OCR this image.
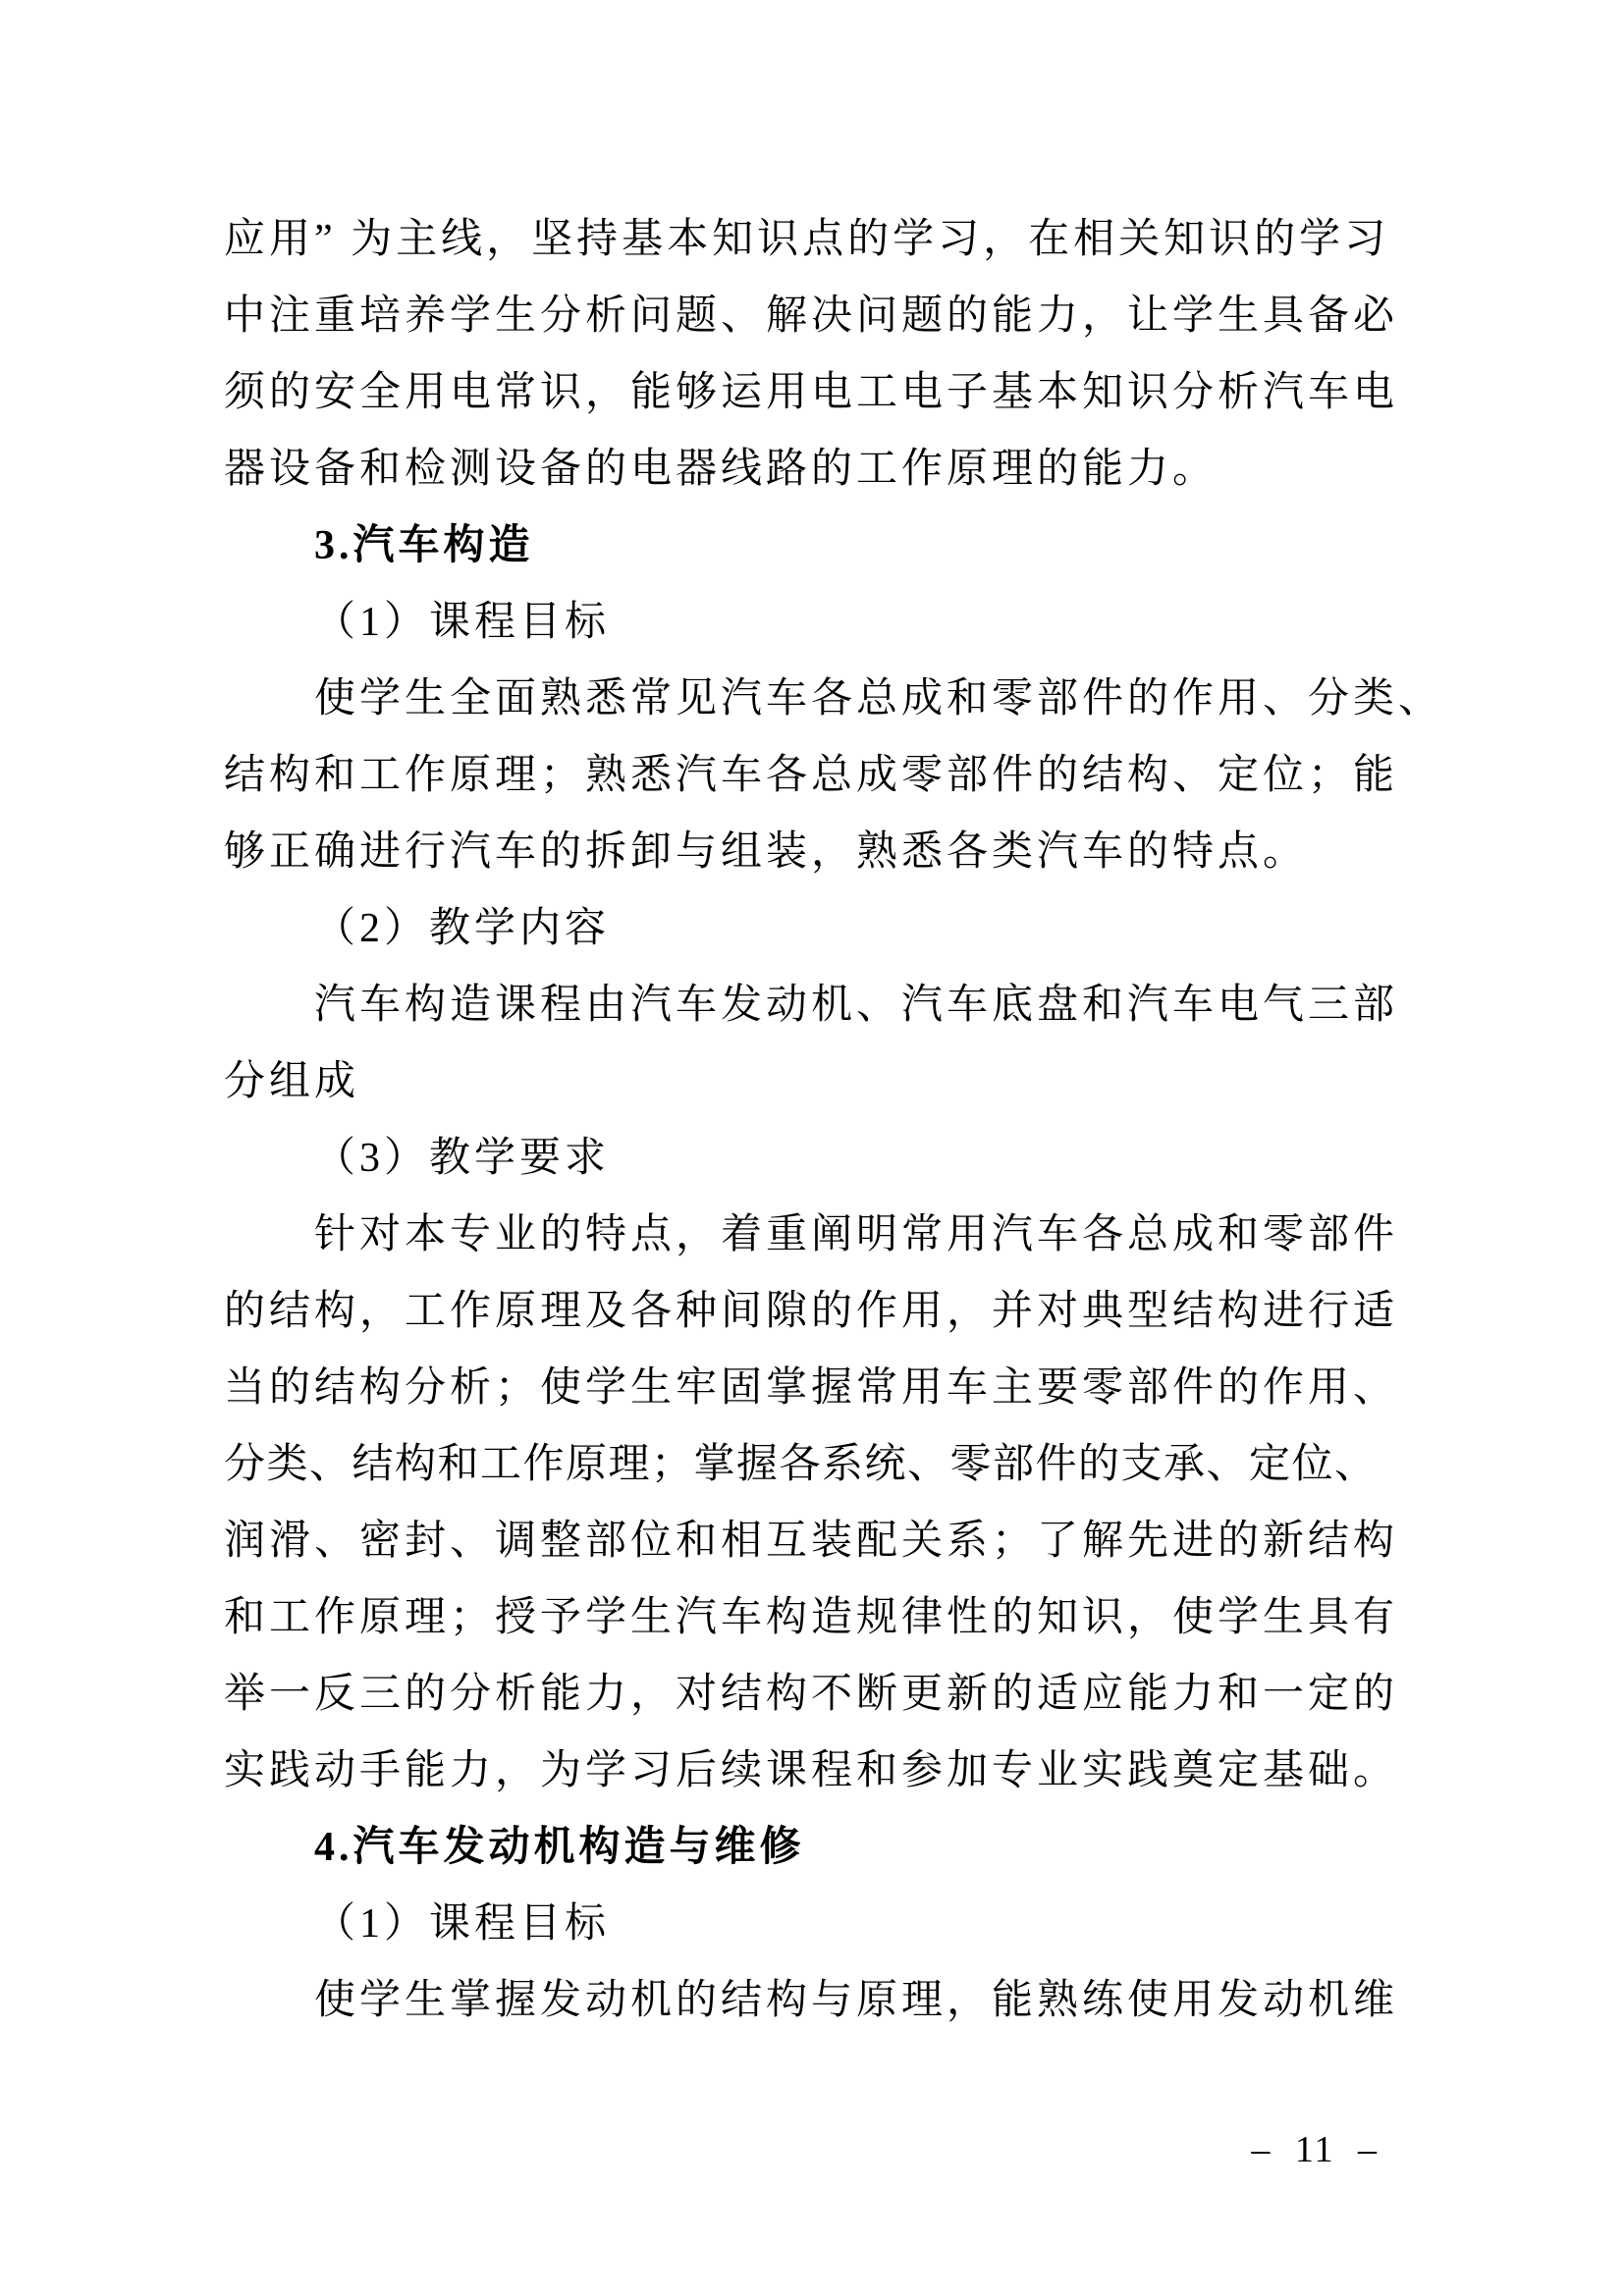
应用” 为主线，坚持基本知识点的学习，在相关知识的学习
中注重培养学生分析问题、解决问题的能力，让学生具备必
须的安全用电常识，能够运用电工电子基本知识分析汽车电
器设备和检测设备的电器线路的工作原理的能力。
3.汽车构造
（1）课程目标
使学生全面熟悉常见汽车各总成和零部件的作用、分类、
结构和工作原理；熟悉汽车各总成零部件的结构、定位；能
够正确进行汽车的拆卸与组装，熟悉各类汽车的特点。
（2）教学内容
汽车构造课程由汽车发动机、汽车底盘和汽车电气三部
分组成
（3）教学要求
针对本专业的特点，着重阐明常用汽车各总成和零部件
的结构，工作原理及各种间隙的作用，并对典型结构进行适
当的结构分析；使学生牢固掌握常用车主要零部件的作用、
分类、结构和工作原理；掌握各系统、零部件的支承、定位、
润滑、密封、调整部位和相互装配关系；了解先进的新结构
和工作原理；授予学生汽车构造规律性的知识，使学生具有
举一反三的分析能力，对结构不断更新的适应能力和一定的
实践动手能力，为学习后续课程和参加专业实践奠定基础。
4.汽车发动机构造与维修
（1）课程目标
使学生掌握发动机的结构与原理，能熟练使用发动机维
– 11 –
